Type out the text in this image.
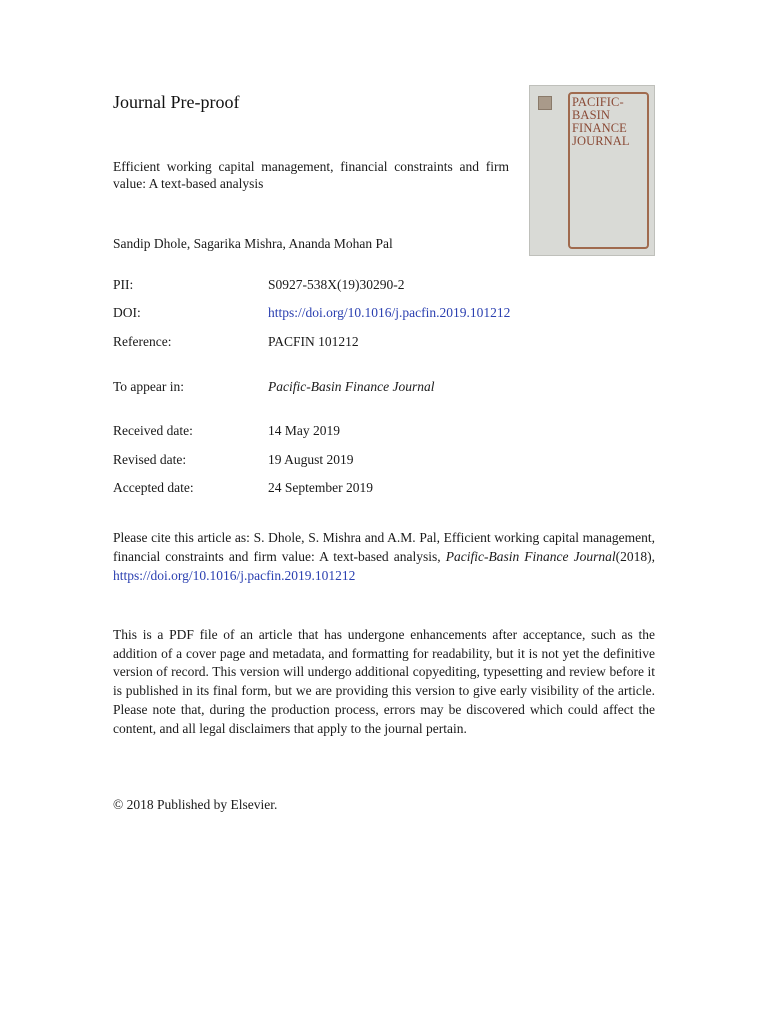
Journal Pre-proof	PACIFIC-
BASIN
FINANCE
JOURNAL

Efficient working capital management, financial constraints and firm value: A text-based analysis

Sandip Dhole, Sagarika Mishra, Ananda Mohan Pal
PII:	S0927-538X(19)30290-2
DOI:	https://doi.org/10.1016/j.pacfin.2019.101212
Reference:	PACFIN 101212
To appear in:	Pacific-Basin Finance Journal
Received date:	14 May 2019
Revised date:	19 August 2019
Accepted date:	24 September 2019

Please cite this article as: S. Dhole, S. Mishra and A.M. Pal, Efficient working capital management, financial constraints and firm value: A text-based analysis, Pacific-Basin Finance Journal(2018), https://doi.org/10.1016/j.pacfin.2019.101212

This is a PDF file of an article that has undergone enhancements after acceptance, such as the addition of a cover page and metadata, and formatting for readability, but it is not yet the definitive version of record. This version will undergo additional copyediting, typesetting and review before it is published in its final form, but we are providing this version to give early visibility of the article. Please note that, during the production process, errors may be discovered which could affect the content, and all legal disclaimers that apply to the journal pertain.

© 2018 Published by Elsevier.
